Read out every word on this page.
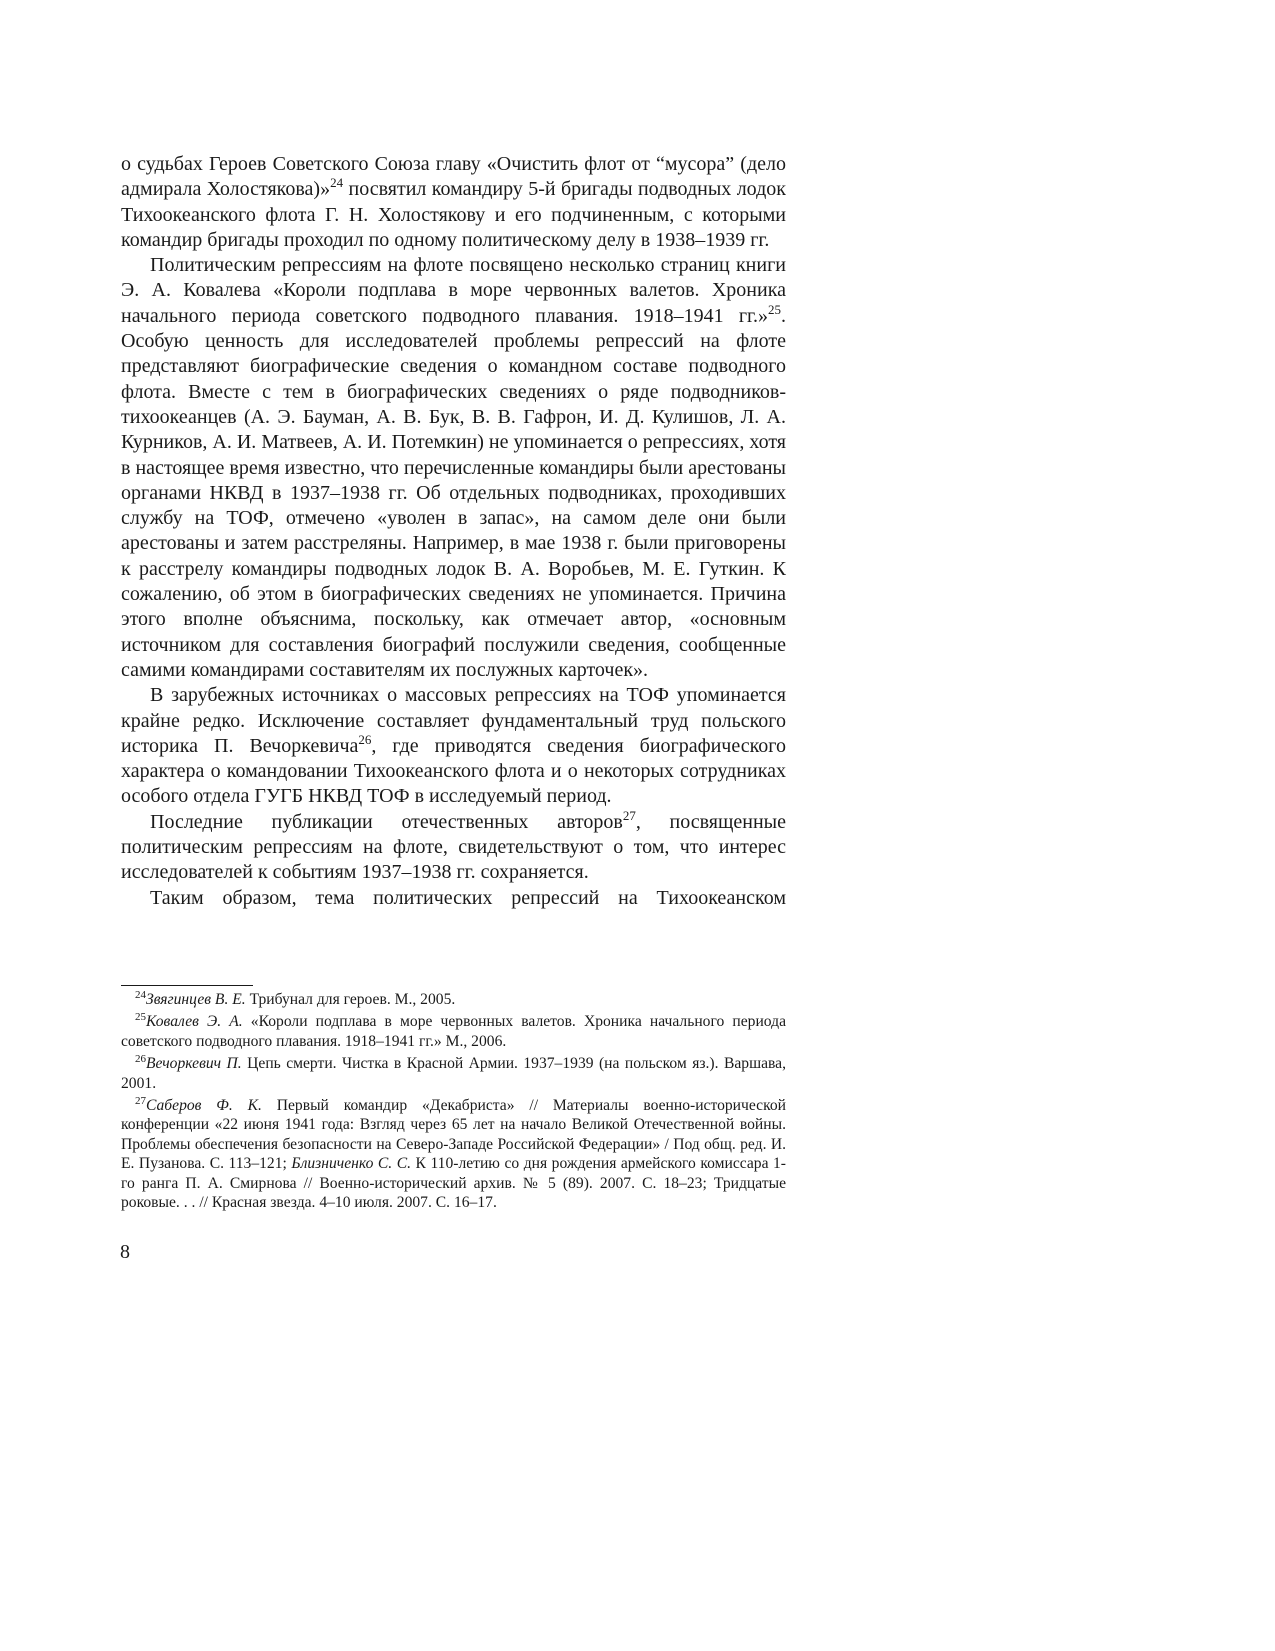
о судьбах Героев Советского Союза главу «Очистить флот от “мусора” (дело адмирала Холостякова)»$^{24}$ посвятил командиру 5-й бригады подводных лодок Тихоокеанского флота Г. Н. Холостякову и его подчиненным, с которыми командир бригады проходил по одному политическому делу в 1938–1939 гг.

Политическим репрессиям на флоте посвящено несколько страниц книги Э. А. Ковалева «Короли подплава в море червонных валетов. Хроника начального периода советского подводного плавания. 1918–1941 гг.»$^{25}$. Особую ценность для исследователей проблемы репрессий на флоте представляют биографические сведения о командном составе подводного флота. Вместе с тем в биографических сведениях о ряде подводников-тихоокеанцев (А. Э. Бауман, А. В. Бук, В. В. Гафрон, И. Д. Кулишов, Л. А. Курников, А. И. Матвеев, А. И. Потемкин) не упоминается о репрессиях, хотя в настоящее время известно, что перечисленные командиры были арестованы органами НКВД в 1937–1938 гг. Об отдельных подводниках, проходивших службу на ТОФ, отмечено «уволен в запас», на самом деле они были арестованы и затем расстреляны. Например, в мае 1938 г. были приговорены к расстрелу командиры подводных лодок В. А. Воробьев, М. Е. Гуткин. К сожалению, об этом в биографических сведениях не упоминается. Причина этого вполне объяснима, поскольку, как отмечает автор, «основным источником для составления биографий послужили сведения, сообщенные самими командирами составителям их послужных карточек».

В зарубежных источниках о массовых репрессиях на ТОФ упоминается крайне редко. Исключение составляет фундаментальный труд польского историка П. Вечоркевича$^{26}$, где приводятся сведения биографического характера о командовании Тихоокеанского флота и о некоторых сотрудниках особого отдела ГУГБ НКВД ТОФ в исследуемый период.

Последние публикации отечественных авторов$^{27}$, посвященные политическим репрессиям на флоте, свидетельствуют о том, что интерес исследователей к событиям 1937–1938 гг. сохраняется.

Таким образом, тема политических репрессий на Тихоокеанском

$^{24}$Звягинцев В. Е. Трибунал для героев. М., 2005.

$^{25}$Ковалев Э. А. «Короли подплава в море червонных валетов. Хроника начального периода советского подводного плавания. 1918–1941 гг.» М., 2006.

$^{26}$Вечоркевич П. Цепь смерти. Чистка в Красной Армии. 1937–1939 (на польском яз.). Варшава, 2001.

$^{27}$Саберов Ф. К. Первый командир «Декабриста» // Материалы военно-исторической конференции «22 июня 1941 года: Взгляд через 65 лет на начало Великой Отечественной войны. Проблемы обеспечения безопасности на Северо-Западе Российской Федерации» / Под общ. ред. И. Е. Пузанова. С. 113–121; Близниченко С. С. К 110-летию со дня рождения армейского комиссара 1-го ранга П. А. Смирнова // Военно-исторический архив. № 5 (89). 2007. С. 18–23; Тридцатые роковые. . . // Красная звезда. 4–10 июля. 2007. С. 16–17.

8
